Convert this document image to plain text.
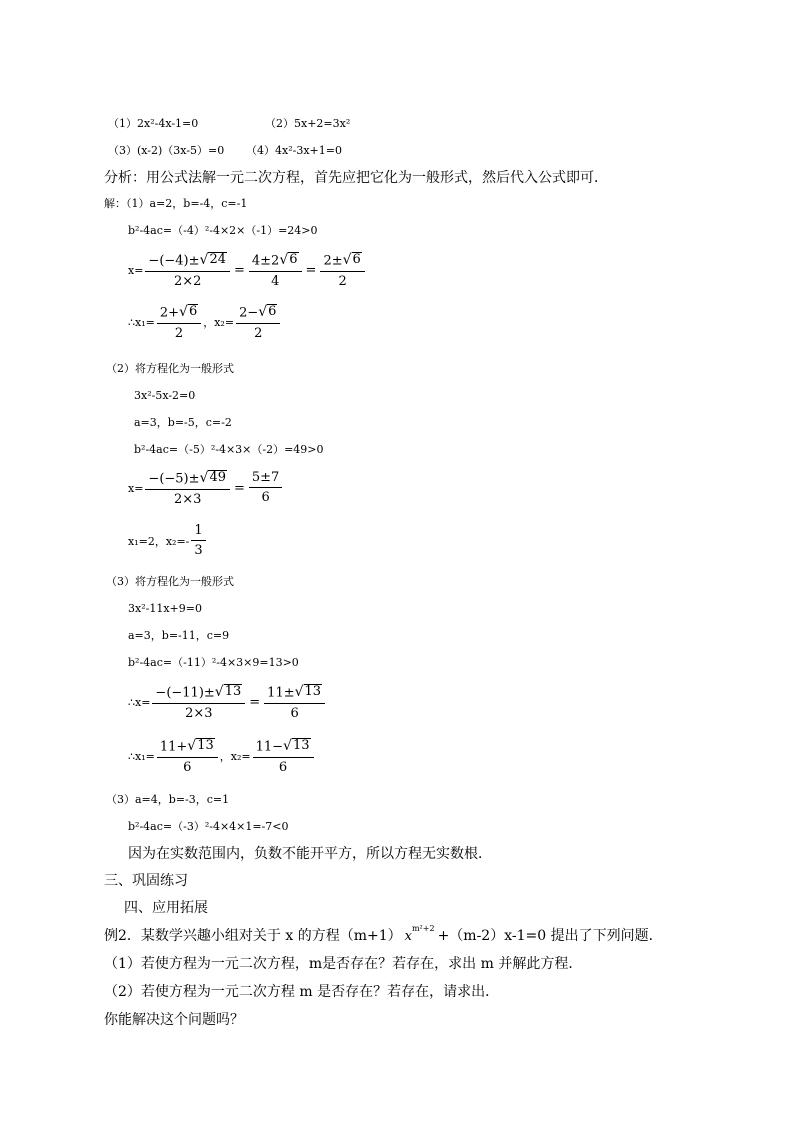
（1）2x²-4x-1=0	（2）5x+2=3x²
（3）(x-2)（3x-5）=0 （4）4x²-3x+1=0
分析：用公式法解一元二次方程，首先应把它化为一般形式，然后代入公式即可．
解：（1）a=2，b=-4，c=-1
b²-4ac=（-4）²-4×2×（-1）=24>0
$x= \frac{-(-4)\pm √ 24}{2\times 2} = \frac{4\pm 2 √ 6}{4} = \frac{2\pm √ 6}{2}$
∴x₁= $\frac{2+ √ 6}{2}$ ，$x_2= \frac{2- √ 6}{2}$
（2）将方程化为一般形式
3x²-5x-2=0
a=3，b=-5，c=-2
b²-4ac=（-5）²-4×3×（-2）=49>0
$x= \frac{-(-5)\pm √ 49}{2\times 3} = \frac{5\pm 7}{6}$
x₁=2，$x_2=- \frac{1}{3}$
（3）将方程化为一般形式
3x²-11x+9=0
a=3，b=-11，c=9
b²-4ac=（-11）²-4×3×9=13>0
∴x= $\frac{-(-11)\pm √ 13}{2\times 3} = \frac{11\pm √ 13}{6}$
∴x₁= $\frac{11+ √ 13}{6}$ ，$x_2= \frac{11- √ 13}{6}$
（3）a=4，b=-3，c=1
b²-4ac=（-3）²-4×4×1=-7<0
因为在实数范围内，负数不能开平方，所以方程无实数根．
三、巩固练习
四、应用拓展
例2．某数学兴趣小组对关于 x 的方程（m+1） $x^{m^2+2} +(m-2)x-1=0$ 提出了下列问题．
（1）若使方程为一元二次方程，m是否存在？若存在，求出 m 并解此方程．
（2）若使方程为一元二次方程 m 是否存在？若存在，请求出．
你能解决这个问题吗？
